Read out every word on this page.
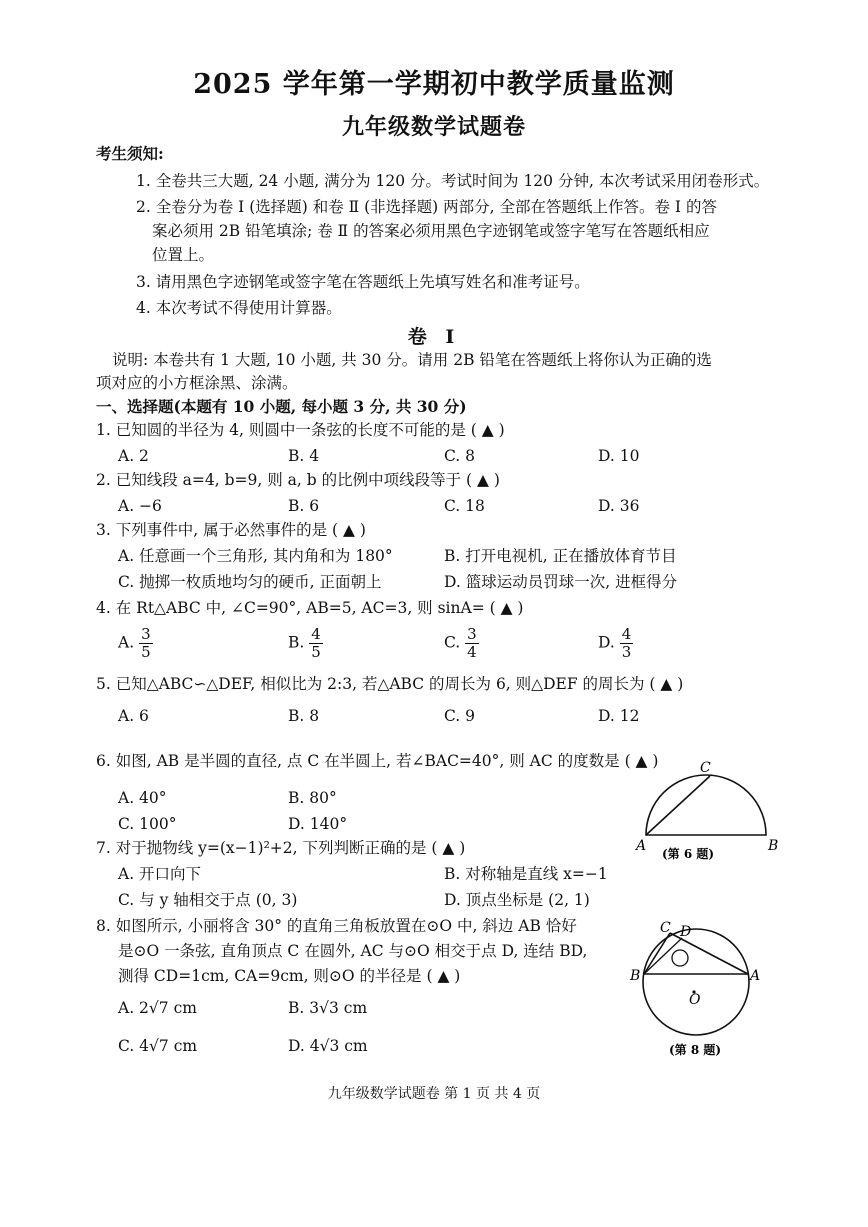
2025 学年第一学期初中教学质量监测
九年级数学试题卷
考生须知:
1. 全卷共三大题, 24 小题, 满分为 120 分。考试时间为 120 分钟, 本次考试采用闭卷形式。
2. 全卷分为卷 Ⅰ (选择题) 和卷 Ⅱ (非选择题) 两部分, 全部在答题纸上作答。卷 Ⅰ 的答
案必须用 2B 铅笔填涂; 卷 Ⅱ 的答案必须用黑色字迹钢笔或签字笔写在答题纸相应
位置上。
3. 请用黑色字迹钢笔或签字笔在答题纸上先填写姓名和准考证号。
4. 本次考试不得使用计算器。
卷 Ⅰ
说明: 本卷共有 1 大题, 10 小题, 共 30 分。请用 2B 铅笔在答题纸上将你认为正确的选
项对应的小方框涂黑、涂满。
一、选择题(本题有 10 小题, 每小题 3 分, 共 30 分)
1. 已知圆的半径为 4, 则圆中一条弦的长度不可能的是 ( ▲ )
A. 2	B. 4	C. 8	D. 10
2. 已知线段 a=4, b=9, 则 a, b 的比例中项线段等于 ( ▲ )
A. −6	B. 6	C. 18	D. 36
3. 下列事件中, 属于必然事件的是 ( ▲ )
A. 任意画一个三角形, 其内角和为 180°	B. 打开电视机, 正在播放体育节目
C. 抛掷一枚质地均匀的硬币, 正面朝上	D. 篮球运动员罚球一次, 进框得分
4. 在 Rt△ABC 中, ∠C=90°, AB=5, AC=3, 则 sinA= ( ▲ )
A. $\frac{3}{5}$	B. $\frac{4}{5}$	C. $\frac{3}{4}$	D. $\frac{4}{3}$
5. 已知△ABC∽△DEF, 相似比为 2:3, 若△ABC 的周长为 6, 则△DEF 的周长为 ( ▲ )
A. 6	B. 8	C. 9	D. 12
6. 如图, AB 是半圆的直径, 点 C 在半圆上, 若∠BAC=40°, 则 AC 的度数是 ( ▲ )
A. 40°	B. 80°
C. 100°	D. 140°
A	B
C
(第 6 题)
7. 对于抛物线 y=(x−1)²+2, 下列判断正确的是 ( ▲ )
A. 开口向下	B. 对称轴是直线 x=−1
C. 与 y 轴相交于点 (0, 3)	D. 顶点坐标是 (2, 1)
8. 如图所示, 小丽将含 30° 的直角三角板放置在⊙O 中, 斜边 AB 恰好
是⊙O 一条弦, 直角顶点 C 在圆外, AC 与⊙O 相交于点 D, 连结 BD,
测得 CD=1cm, CA=9cm, 则⊙O 的半径是 ( ▲ )
A. 2√7 cm	B. 3√3 cm
C. 4√7 cm	D. 4√3 cm
C D
B	A
O
(第 8 题)
九年级数学试题卷 第 1 页 共 4 页
